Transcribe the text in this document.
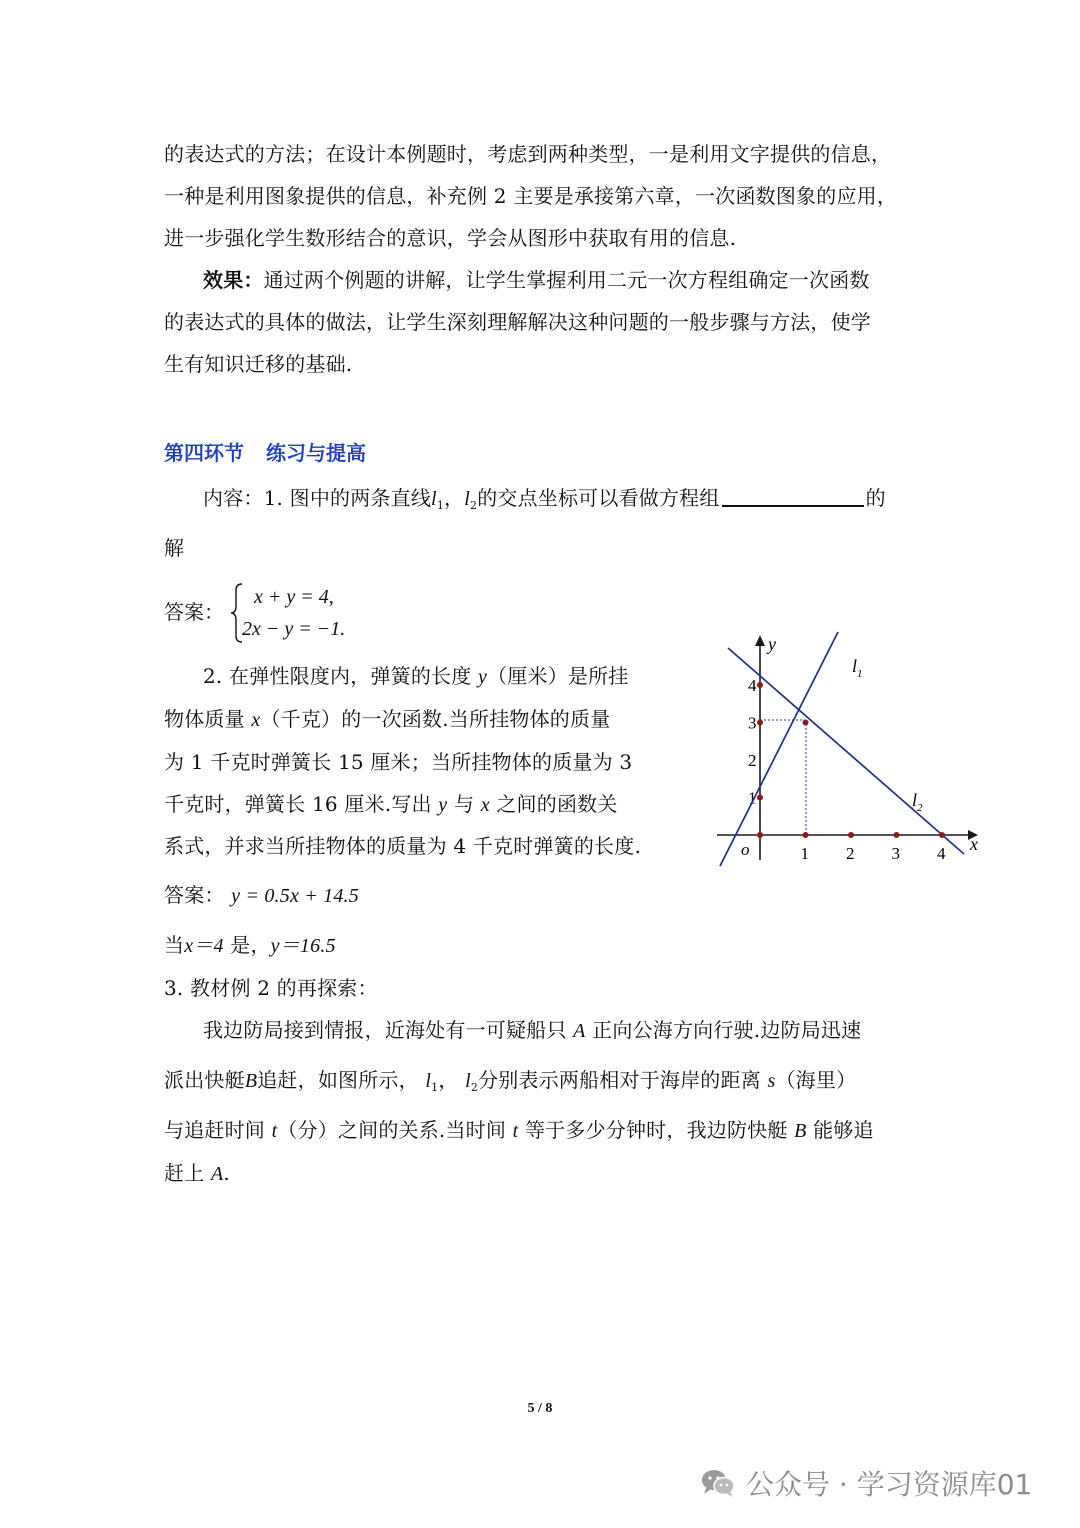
的表达式的方法；在设计本例题时，考虑到两种类型，一是利用文字提供的信息，
一种是利用图象提供的信息，补充例 2 主要是承接第六章，一次函数图象的应用，
进一步强化学生数形结合的意识，学会从图形中获取有用的信息.
效果：通过两个例题的讲解，让学生掌握利用二元一次方程组确定一次函数
的表达式的具体的做法，让学生深刻理解解决这种问题的一般步骤与方法，使学
生有知识迁移的基础.
第四环节 练习与提高
内容：1. 图中的两条直线$l_1$，$l_2$的交点坐标可以看做方程组	的
解
答案：
x + y = 4,
2x − y = −1.
2. 在弹性限度内，弹簧的长度 y（厘米）是所挂
物体质量 x（千克）的一次函数.当所挂物体的质量
为 1 千克时弹簧长 15 厘米；当所挂物体的质量为 3
千克时，弹簧长 16 厘米.写出 y 与 x 之间的函数关
系式，并求当所挂物体的质量为 4 千克时弹簧的长度.
答案： y = 0.5x + 14.5
当x＝4 是，y＝16.5
3. 教材例 2 的再探索：
我边防局接到情报，近海处有一可疑船只 A 正向公海方向行驶.边防局迅速
派出快艇B追赶，如图所示， $l_1$， $l_2$分别表示两船相对于海岸的距离 s（海里）
与追赶时间 t（分）之间的关系.当时间 t 等于多少分钟时，我边防快艇 B 能够追
赶上 A.
x
y
o	1 2 3 4
1
2
3
4
$l_1$
$l_2$
5 / 8
公众号 · 学习资源库01
